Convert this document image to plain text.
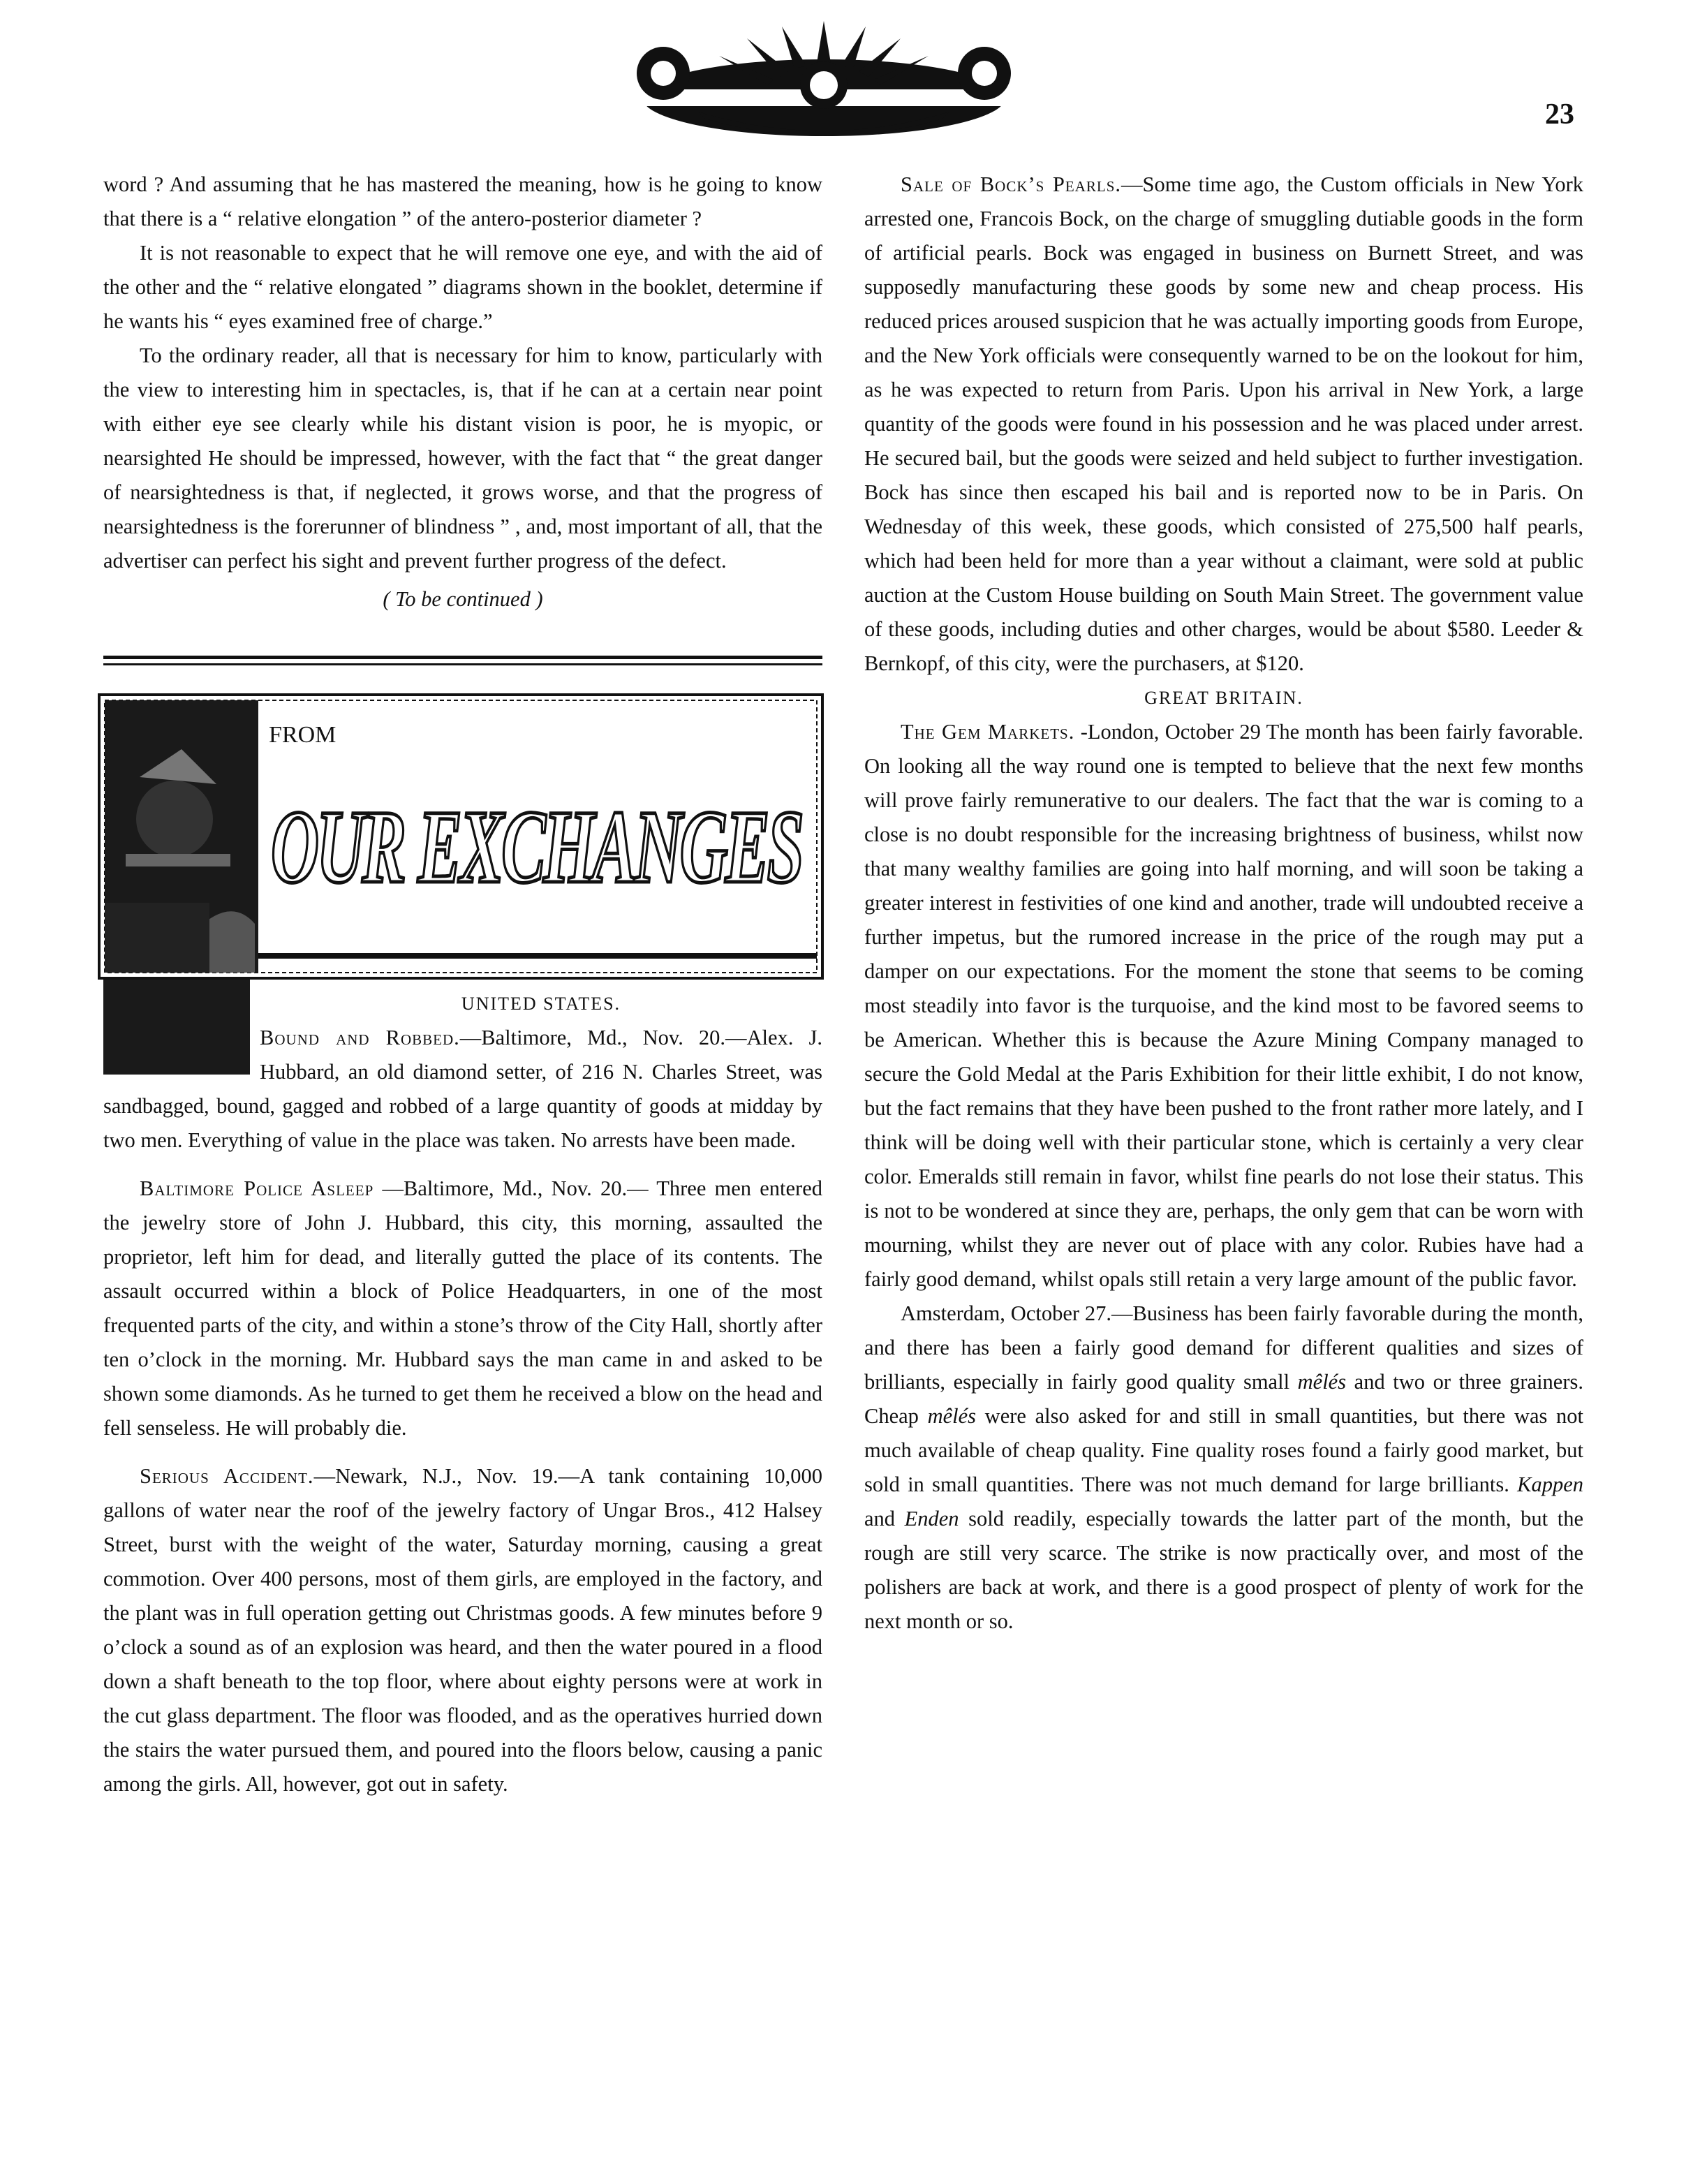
23

word ? And assuming that he has mastered the meaning, how is he going to know that there is a “ relative elongation ” of the antero-posterior diameter ?

It is not reasonable to expect that he will remove one eye, and with the aid of the other and the “ relative elongated ” diagrams shown in the booklet, determine if he wants his “ eyes examined free of charge.”

To the ordinary reader, all that is necessary for him to know, particularly with the view to interesting him in spectacles, is, that if he can at a certain near point with either eye see clearly while his distant vision is poor, he is myopic, or nearsighted He should be impressed, however, with the fact that “ the great danger of nearsightedness is that, if neglected, it grows worse, and that the progress of nearsightedness is the forerunner of blindness ” , and, most important of all, that the advertiser can perfect his sight and prevent further progress of the defect.

( To be continued )

FROM
OUR EXCHANGES

UNITED STATES.

Bound and Robbed.—Baltimore, Md., Nov. 20.—Alex. J. Hubbard, an old diamond setter, of 216 N. Charles Street, was sandbagged, bound, gagged and robbed of a large quantity of goods at midday by two men. Everything of value in the place was taken. No arrests have been made.

Baltimore Police Asleep —Baltimore, Md., Nov. 20.— Three men entered the jewelry store of John J. Hubbard, this city, this morning, assaulted the proprietor, left him for dead, and literally gutted the place of its contents. The assault occurred within a block of Police Headquarters, in one of the most frequented parts of the city, and within a stone’s throw of the City Hall, shortly after ten o’clock in the morning. Mr. Hubbard says the man came in and asked to be shown some diamonds. As he turned to get them he received a blow on the head and fell senseless. He will probably die.

Serious Accident.—Newark, N.J., Nov. 19.—A tank containing 10,000 gallons of water near the roof of the jewelry factory of Ungar Bros., 412 Halsey Street, burst with the weight of the water, Saturday morning, causing a great commotion. Over 400 persons, most of them girls, are employed in the factory, and the plant was in full operation getting out Christmas goods. A few minutes before 9 o’clock a sound as of an explosion was heard, and then the water poured in a flood down a shaft beneath to the top floor, where about eighty persons were at work in the cut glass department. The floor was flooded, and as the operatives hurried down the stairs the water pursued them, and poured into the floors below, causing a panic among the girls. All, however, got out in safety.

Sale of Bock’s Pearls.—Some time ago, the Custom officials in New York arrested one, Francois Bock, on the charge of smuggling dutiable goods in the form of artificial pearls. Bock was engaged in business on Burnett Street, and was supposedly manufacturing these goods by some new and cheap process. His reduced prices aroused suspicion that he was actually importing goods from Europe, and the New York officials were consequently warned to be on the lookout for him, as he was expected to return from Paris. Upon his arrival in New York, a large quantity of the goods were found in his possession and he was placed under arrest. He secured bail, but the goods were seized and held subject to further investigation. Bock has since then escaped his bail and is reported now to be in Paris. On Wednesday of this week, these goods, which consisted of 275,500 half pearls, which had been held for more than a year without a claimant, were sold at public auction at the Custom House building on South Main Street. The government value of these goods, including duties and other charges, would be about $580. Leeder & Bernkopf, of this city, were the purchasers, at $120.

GREAT BRITAIN.

The Gem Markets. -London, October 29 The month has been fairly favorable. On looking all the way round one is tempted to believe that the next few months will prove fairly remunerative to our dealers. The fact that the war is coming to a close is no doubt responsible for the increasing brightness of business, whilst now that many wealthy families are going into half morning, and will soon be taking a greater interest in festivities of one kind and another, trade will undoubted receive a further impetus, but the rumored increase in the price of the rough may put a damper on our expectations. For the moment the stone that seems to be coming most steadily into favor is the turquoise, and the kind most to be favored seems to be American. Whether this is because the Azure Mining Company managed to secure the Gold Medal at the Paris Exhibition for their little exhibit, I do not know, but the fact remains that they have been pushed to the front rather more lately, and I think will be doing well with their particular stone, which is certainly a very clear color. Emeralds still remain in favor, whilst fine pearls do not lose their status. This is not to be wondered at since they are, perhaps, the only gem that can be worn with mourning, whilst they are never out of place with any color. Rubies have had a fairly good demand, whilst opals still retain a very large amount of the public favor.

Amsterdam, October 27.—Business has been fairly favorable during the month, and there has been a fairly good demand for different qualities and sizes of brilliants, especially in fairly good quality small mêlés and two or three grainers. Cheap mêlés were also asked for and still in small quantities, but there was not much available of cheap quality. Fine quality roses found a fairly good market, but sold in small quantities. There was not much demand for large brilliants. Kappen and Enden sold readily, especially towards the latter part of the month, but the rough are still very scarce. The strike is now practically over, and most of the polishers are back at work, and there is a good prospect of plenty of work for the next month or so.
